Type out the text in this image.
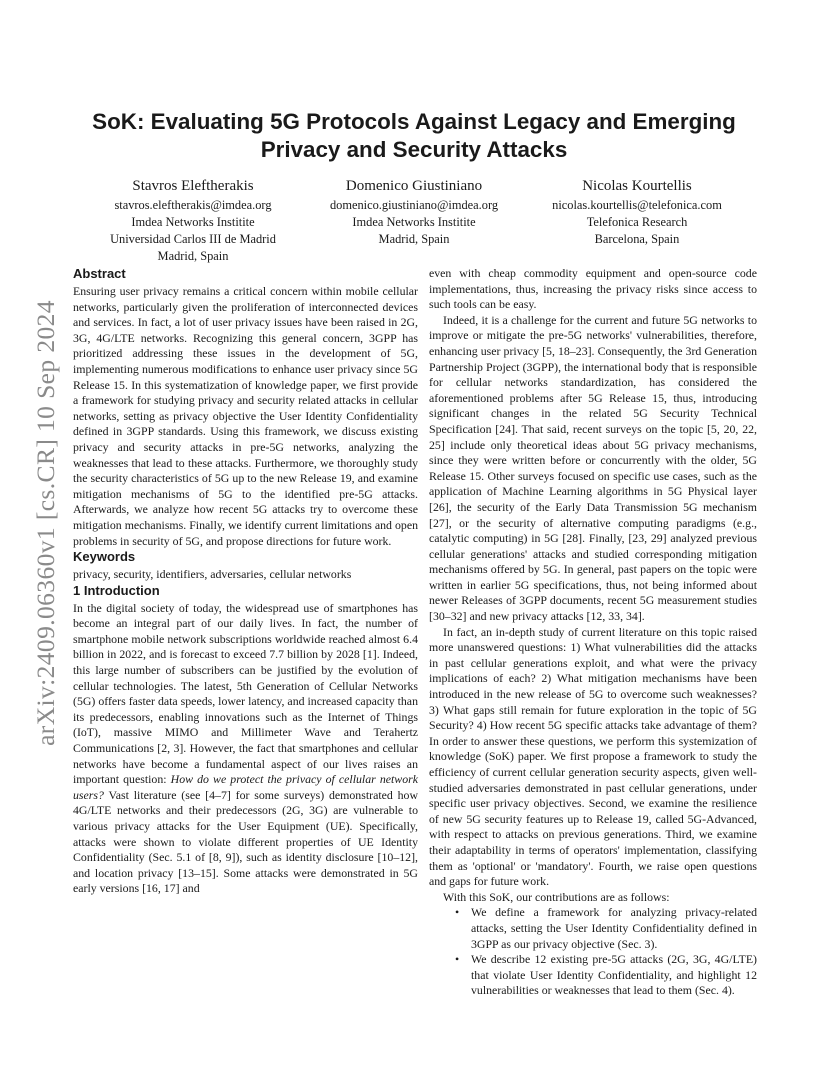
arXiv:2409.06360v1 [cs.CR] 10 Sep 2024
SoK: Evaluating 5G Protocols Against Legacy and Emerging
Privacy and Security Attacks
Stavros Eleftherakis
stavros.eleftherakis@imdea.org
Imdea Networks Institite
Universidad Carlos III de Madrid
Madrid, Spain
Domenico Giustiniano
domenico.giustiniano@imdea.org
Imdea Networks Institite
Madrid, Spain
Nicolas Kourtellis
nicolas.kourtellis@telefonica.com
Telefonica Research
Barcelona, Spain
Abstract

Ensuring user privacy remains a critical concern within mobile cellular networks, particularly given the proliferation of interconnected devices and services. In fact, a lot of user privacy issues have been raised in 2G, 3G, 4G/LTE networks. Recognizing this general concern, 3GPP has prioritized addressing these issues in the development of 5G, implementing numerous modifications to enhance user privacy since 5G Release 15. In this systematization of knowledge paper, we first provide a framework for studying privacy and security related attacks in cellular networks, setting as privacy objective the User Identity Confidentiality defined in 3GPP standards. Using this framework, we discuss existing privacy and security attacks in pre-5G networks, analyzing the weaknesses that lead to these attacks. Furthermore, we thoroughly study the security characteristics of 5G up to the new Release 19, and examine mitigation mechanisms of 5G to the identified pre-5G attacks. Afterwards, we analyze how recent 5G attacks try to overcome these mitigation mechanisms. Finally, we identify current limitations and open problems in security of 5G, and propose directions for future work.

Keywords

privacy, security, identifiers, adversaries, cellular networks

1 Introduction

In the digital society of today, the widespread use of smartphones has become an integral part of our daily lives. In fact, the number of smartphone mobile network subscriptions worldwide reached almost 6.4 billion in 2022, and is forecast to exceed 7.7 billion by 2028 [1]. Indeed, this large number of subscribers can be justified by the evolution of cellular technologies. The latest, 5th Generation of Cellular Networks (5G) offers faster data speeds, lower latency, and increased capacity than its predecessors, enabling innovations such as the Internet of Things (IoT), massive MIMO and Millimeter Wave and Terahertz Communications [2, 3]. However, the fact that smartphones and cellular networks have become a fundamental aspect of our lives raises an important question: How do we protect the privacy of cellular network users? Vast literature (see [4–7] for some surveys) demonstrated how 4G/LTE networks and their predecessors (2G, 3G) are vulnerable to various privacy attacks for the User Equipment (UE). Specifically, attacks were shown to violate different properties of UE Identity Confidentiality (Sec. 5.1 of [8, 9]), such as identity disclosure [10–12], and location privacy [13–15]. Some attacks were demonstrated in 5G early versions [16, 17] and

even with cheap commodity equipment and open-source code implementations, thus, increasing the privacy risks since access to such tools can be easy.

Indeed, it is a challenge for the current and future 5G networks to improve or mitigate the pre-5G networks' vulnerabilities, therefore, enhancing user privacy [5, 18–23]. Consequently, the 3rd Generation Partnership Project (3GPP), the international body that is responsible for cellular networks standardization, has considered the aforementioned problems after 5G Release 15, thus, introducing significant changes in the related 5G Security Technical Specification [24]. That said, recent surveys on the topic [5, 20, 22, 25] include only theoretical ideas about 5G privacy mechanisms, since they were written before or concurrently with the older, 5G Release 15. Other surveys focused on specific use cases, such as the application of Machine Learning algorithms in 5G Physical layer [26], the security of the Early Data Transmission 5G mechanism [27], or the security of alternative computing paradigms (e.g., catalytic computing) in 5G [28]. Finally, [23, 29] analyzed previous cellular generations' attacks and studied corresponding mitigation mechanisms offered by 5G. In general, past papers on the topic were written in earlier 5G specifications, thus, not being informed about newer Releases of 3GPP documents, recent 5G measurement studies [30–32] and new privacy attacks [12, 33, 34].

In fact, an in-depth study of current literature on this topic raised more unanswered questions: 1) What vulnerabilities did the attacks in past cellular generations exploit, and what were the privacy implications of each? 2) What mitigation mechanisms have been introduced in the new release of 5G to overcome such weaknesses? 3) What gaps still remain for future exploration in the topic of 5G Security? 4) How recent 5G specific attacks take advantage of them? In order to answer these questions, we perform this systemization of knowledge (SoK) paper. We first propose a framework to study the efficiency of current cellular generation security aspects, given well-studied adversaries demonstrated in past cellular generations, under specific user privacy objectives. Second, we examine the resilience of new 5G security features up to Release 19, called 5G-Advanced, with respect to attacks on previous generations. Third, we examine their adaptability in terms of operators' implementation, classifying them as 'optional' or 'mandatory'. Fourth, we raise open questions and gaps for future work.

With this SoK, our contributions are as follows:

• We define a framework for analyzing privacy-related attacks, setting the User Identity Confidentiality defined in 3GPP as our privacy objective (Sec. 3).
• We describe 12 existing pre-5G attacks (2G, 3G, 4G/LTE) that violate User Identity Confidentiality, and highlight 12 vulnerabilities or weaknesses that lead to them (Sec. 4).
